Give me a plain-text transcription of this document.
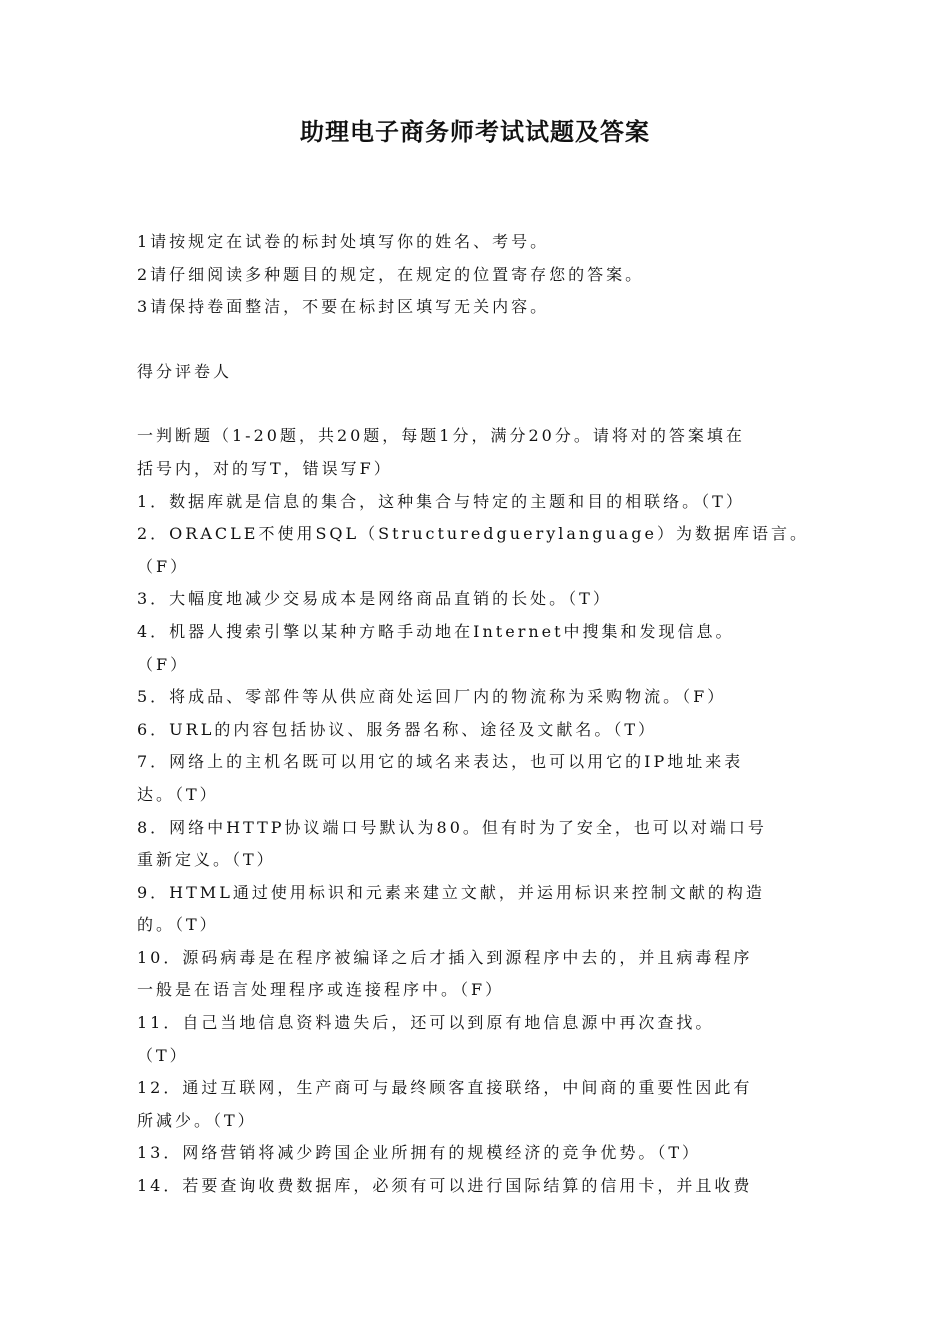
助理电子商务师考试试题及答案
1请按规定在试卷的标封处填写你的姓名、考号。
2请仔细阅读多种题目的规定，在规定的位置寄存您的答案。
3请保持卷面整洁，不要在标封区填写无关内容。
得分评卷人
一判断题（1-20题，共20题，每题1分，满分20分。请将对的答案填在
括号内，对的写T，错误写F）
1．数据库就是信息的集合，这种集合与特定的主题和目的相联络。（T）
2．ORACLE不使用SQL（Structuredguerylanguage）为数据库语言。
（F）
3．大幅度地减少交易成本是网络商品直销的长处。（T）
4．机器人搜索引擎以某种方略手动地在Internet中搜集和发现信息。
（F）
5．将成品、零部件等从供应商处运回厂内的物流称为采购物流。（F）
6．URL的内容包括协议、服务器名称、途径及文献名。（T）
7．网络上的主机名既可以用它的域名来表达，也可以用它的IP地址来表
达。（T）
8．网络中HTTP协议端口号默认为80。但有时为了安全，也可以对端口号
重新定义。（T）
9．HTML通过使用标识和元素来建立文献，并运用标识来控制文献的构造
的。（T）
10．源码病毒是在程序被编译之后才插入到源程序中去的，并且病毒程序
一般是在语言处理程序或连接程序中。（F）
11．自己当地信息资料遗失后，还可以到原有地信息源中再次查找。
（T）
12．通过互联网，生产商可与最终顾客直接联络，中间商的重要性因此有
所减少。（T）
13．网络营销将减少跨国企业所拥有的规模经济的竞争优势。（T）
14．若要查询收费数据库，必须有可以进行国际结算的信用卡，并且收费
